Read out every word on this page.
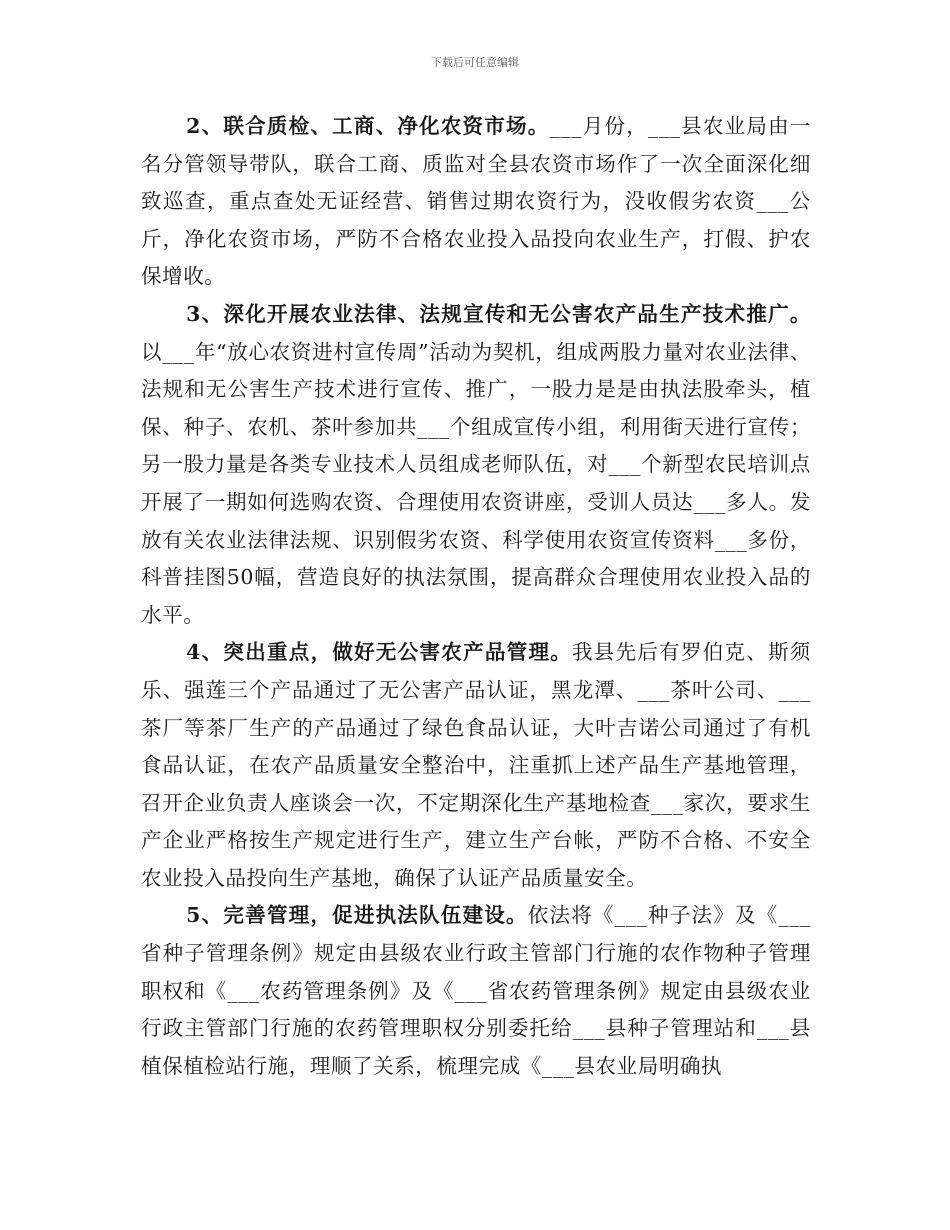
下载后可任意编辑

2、联合质检、工商、净化农资市场。___月份，___县农业局由一名分管领导带队，联合工商、质监对全县农资市场作了一次全面深化细致巡查，重点查处无证经营、销售过期农资行为，没收假劣农资___公斤，净化农资市场，严防不合格农业投入品投向农业生产，打假、护农保增收。

3、深化开展农业法律、法规宣传和无公害农产品生产技术推广。以___年“放心农资进村宣传周”活动为契机，组成两股力量对农业法律、法规和无公害生产技术进行宣传、推广，一股力是是由执法股牵头，植保、种子、农机、茶叶参加共___个组成宣传小组，利用街天进行宣传；另一股力量是各类专业技术人员组成老师队伍，对___个新型农民培训点开展了一期如何选购农资、合理使用农资讲座，受训人员达___多人。发放有关农业法律法规、识别假劣农资、科学使用农资宣传资料___多份，科普挂图50幅，营造良好的执法氛围，提高群众合理使用农业投入品的水平。

4、突出重点，做好无公害农产品管理。我县先后有罗伯克、斯须乐、强莲三个产品通过了无公害产品认证，黑龙潭、___茶叶公司、___茶厂等茶厂生产的产品通过了绿色食品认证，大叶吉诺公司通过了有机食品认证，在农产品质量安全整治中，注重抓上述产品生产基地管理，召开企业负责人座谈会一次，不定期深化生产基地检查___家次，要求生产企业严格按生产规定进行生产，建立生产台帐，严防不合格、不安全农业投入品投向生产基地，确保了认证产品质量安全。

5、完善管理，促进执法队伍建设。依法将《___种子法》及《___省种子管理条例》规定由县级农业行政主管部门行施的农作物种子管理职权和《___农药管理条例》及《___省农药管理条例》规定由县级农业行政主管部门行施的农药管理职权分别委托给___县种子管理站和___县植保植检站行施，理顺了关系，梳理完成《___县农业局明确执
